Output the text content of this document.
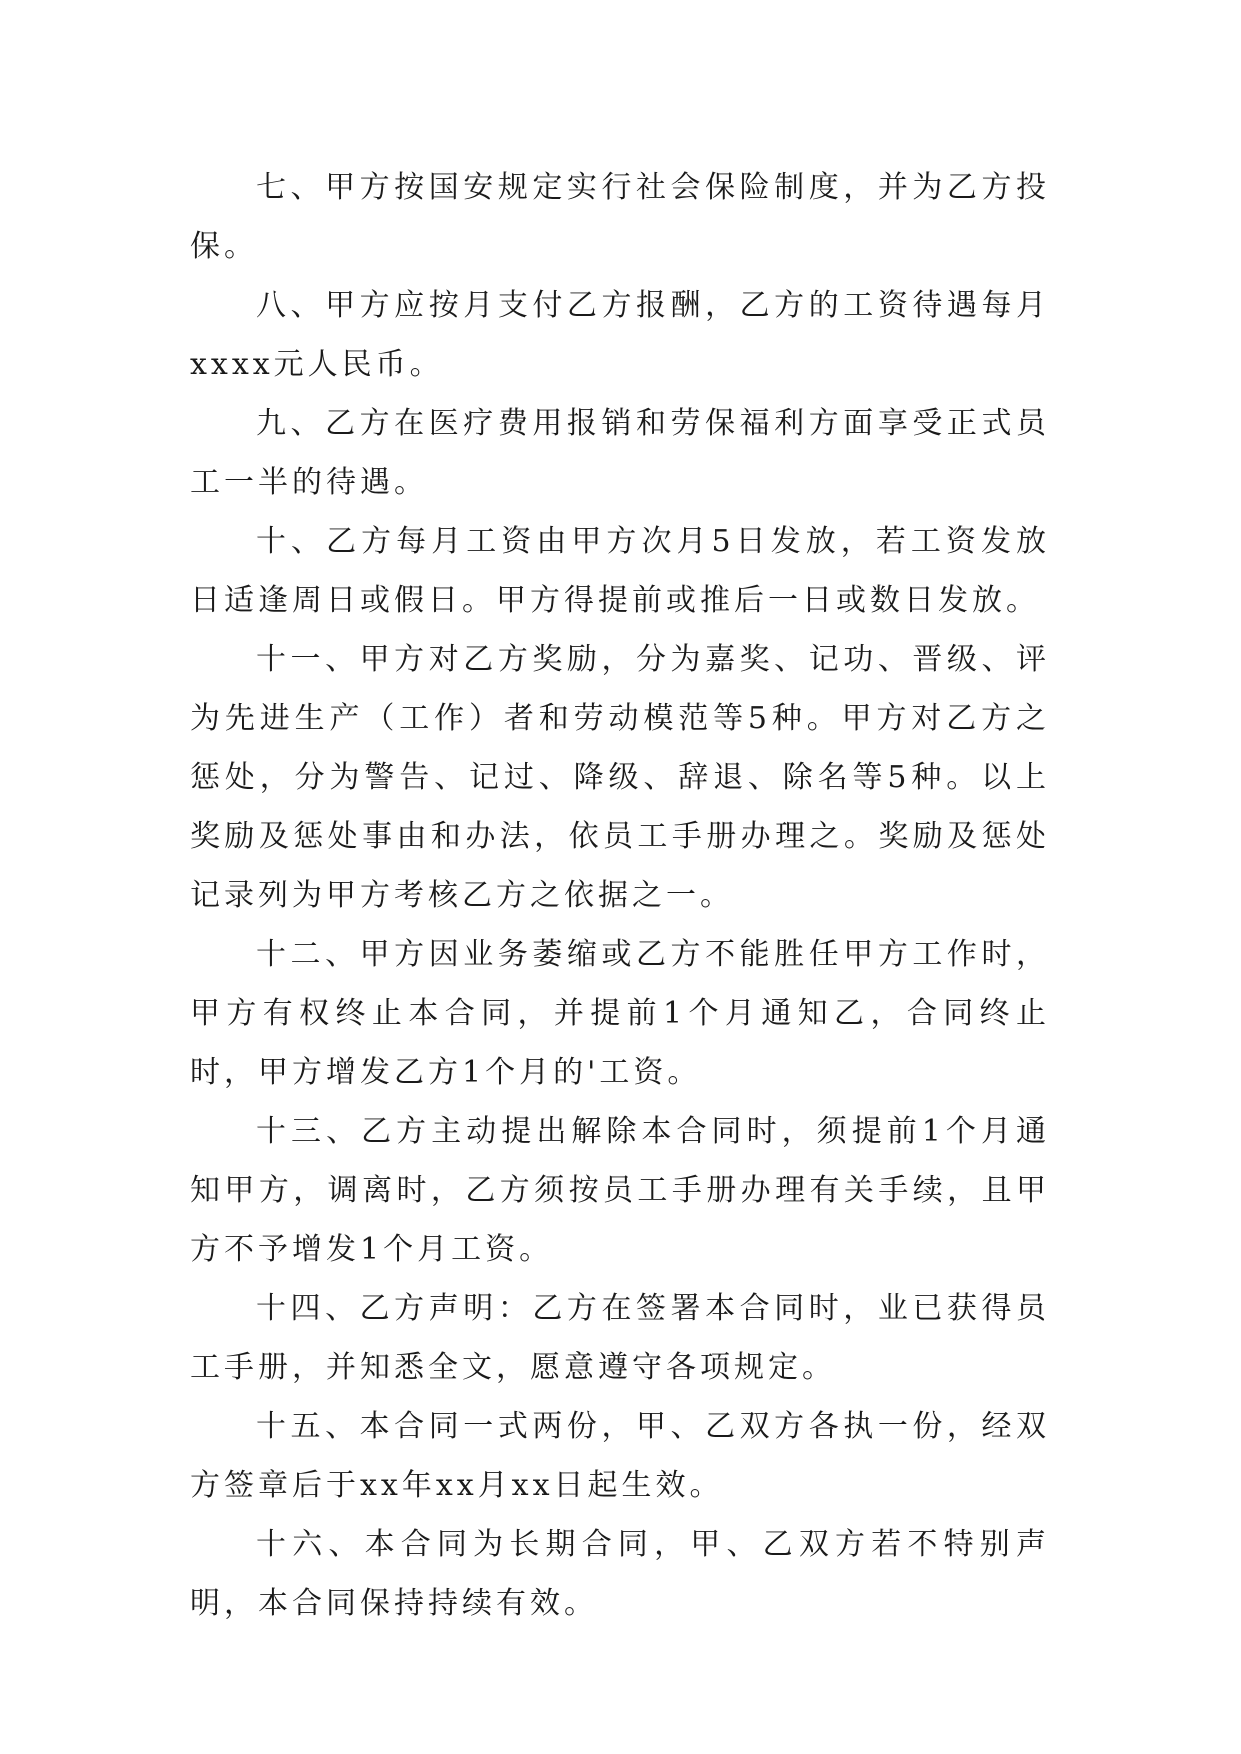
七、甲方按国安规定实行社会保险制度，并为乙方投保。

八、甲方应按月支付乙方报酬，乙方的工资待遇每月xxxx元人民币。

九、乙方在医疗费用报销和劳保福利方面享受正式员工一半的待遇。

十、乙方每月工资由甲方次月5日发放，若工资发放日适逢周日或假日。甲方得提前或推后一日或数日发放。

十一、甲方对乙方奖励，分为嘉奖、记功、晋级、评为先进生产（工作）者和劳动模范等5种。甲方对乙方之惩处，分为警告、记过、降级、辞退、除名等5种。以上奖励及惩处事由和办法，依员工手册办理之。奖励及惩处记录列为甲方考核乙方之依据之一。

十二、甲方因业务萎缩或乙方不能胜任甲方工作时，甲方有权终止本合同，并提前1个月通知乙，合同终止时，甲方增发乙方1个月的'工资。

十三、乙方主动提出解除本合同时，须提前1个月通知甲方，调离时，乙方须按员工手册办理有关手续，且甲方不予增发1个月工资。

十四、乙方声明：乙方在签署本合同时，业已获得员工手册，并知悉全文，愿意遵守各项规定。

十五、本合同一式两份，甲、乙双方各执一份，经双方签章后于xx年xx月xx日起生效。

十六、本合同为长期合同，甲、乙双方若不特别声明，本合同保持持续有效。
